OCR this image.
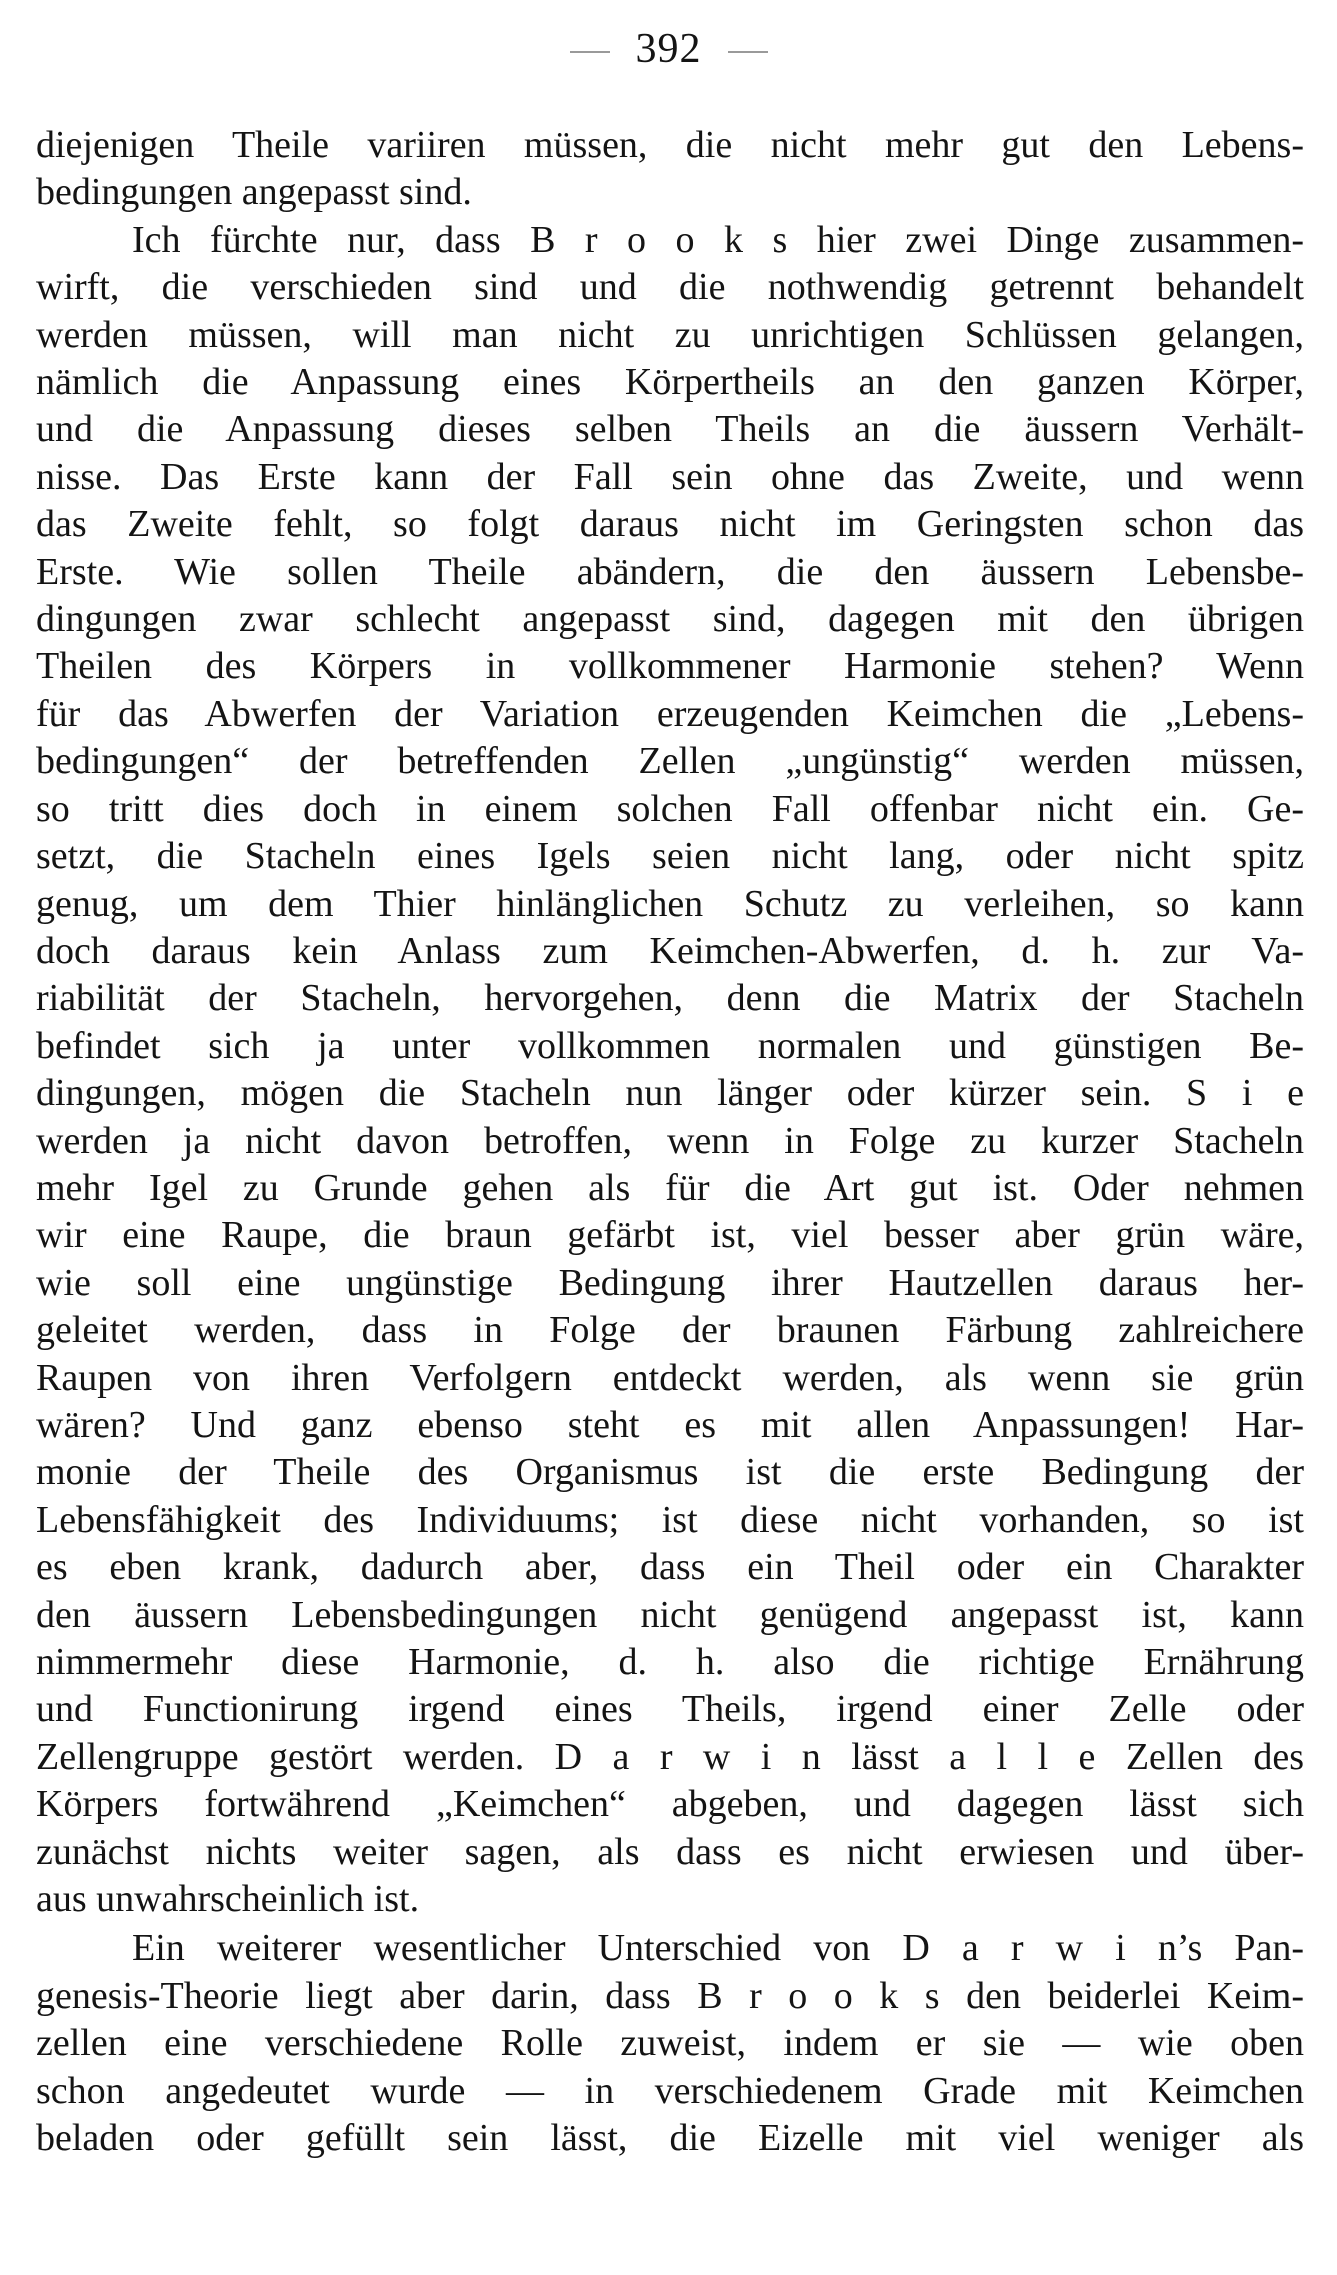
392

diejenigen Theile variiren müssen, die nicht mehr gut den Lebens-

bedingungen angepasst sind.

Ich fürchte nur, dass B r o o k s hier zwei Dinge zusammen-

wirft, die verschieden sind und die nothwendig getrennt behandelt

werden müssen, will man nicht zu unrichtigen Schlüssen gelangen,

nämlich die Anpassung eines Körpertheils an den ganzen Körper,

und die Anpassung dieses selben Theils an die äussern Verhält-

nisse. Das Erste kann der Fall sein ohne das Zweite, und wenn

das Zweite fehlt, so folgt daraus nicht im Geringsten schon das

Erste. Wie sollen Theile abändern, die den äussern Lebensbe-

dingungen zwar schlecht angepasst sind, dagegen mit den übrigen

Theilen des Körpers in vollkommener Harmonie stehen? Wenn

für das Abwerfen der Variation erzeugenden Keimchen die „Lebens-

bedingungen“ der betreffenden Zellen „ungünstig“ werden müssen,

so tritt dies doch in einem solchen Fall offenbar nicht ein. Ge-

setzt, die Stacheln eines Igels seien nicht lang, oder nicht spitz

genug, um dem Thier hinlänglichen Schutz zu verleihen, so kann

doch daraus kein Anlass zum Keimchen-Abwerfen, d. h. zur Va-

riabilität der Stacheln, hervorgehen, denn die Matrix der Stacheln

befindet sich ja unter vollkommen normalen und günstigen Be-

dingungen, mögen die Stacheln nun länger oder kürzer sein. S i e

werden ja nicht davon betroffen, wenn in Folge zu kurzer Stacheln

mehr Igel zu Grunde gehen als für die Art gut ist. Oder nehmen

wir eine Raupe, die braun gefärbt ist, viel besser aber grün wäre,

wie soll eine ungünstige Bedingung ihrer Hautzellen daraus her-

geleitet werden, dass in Folge der braunen Färbung zahlreichere

Raupen von ihren Verfolgern entdeckt werden, als wenn sie grün

wären? Und ganz ebenso steht es mit allen Anpassungen! Har-

monie der Theile des Organismus ist die erste Bedingung der

Lebensfähigkeit des Individuums; ist diese nicht vorhanden, so ist

es eben krank, dadurch aber, dass ein Theil oder ein Charakter

den äussern Lebensbedingungen nicht genügend angepasst ist, kann

nimmermehr diese Harmonie, d. h. also die richtige Ernährung

und Functionirung irgend eines Theils, irgend einer Zelle oder

Zellengruppe gestört werden. D a r w i n lässt a l l e Zellen des

Körpers fortwährend „Keimchen“ abgeben, und dagegen lässt sich

zunächst nichts weiter sagen, als dass es nicht erwiesen und über-

aus unwahrscheinlich ist.

Ein weiterer wesentlicher Unterschied von D a r w i n’s Pan-

genesis-Theorie liegt aber darin, dass B r o o k s den beiderlei Keim-

zellen eine verschiedene Rolle zuweist, indem er sie — wie oben

schon angedeutet wurde — in verschiedenem Grade mit Keimchen

beladen oder gefüllt sein lässt, die Eizelle mit viel weniger als
